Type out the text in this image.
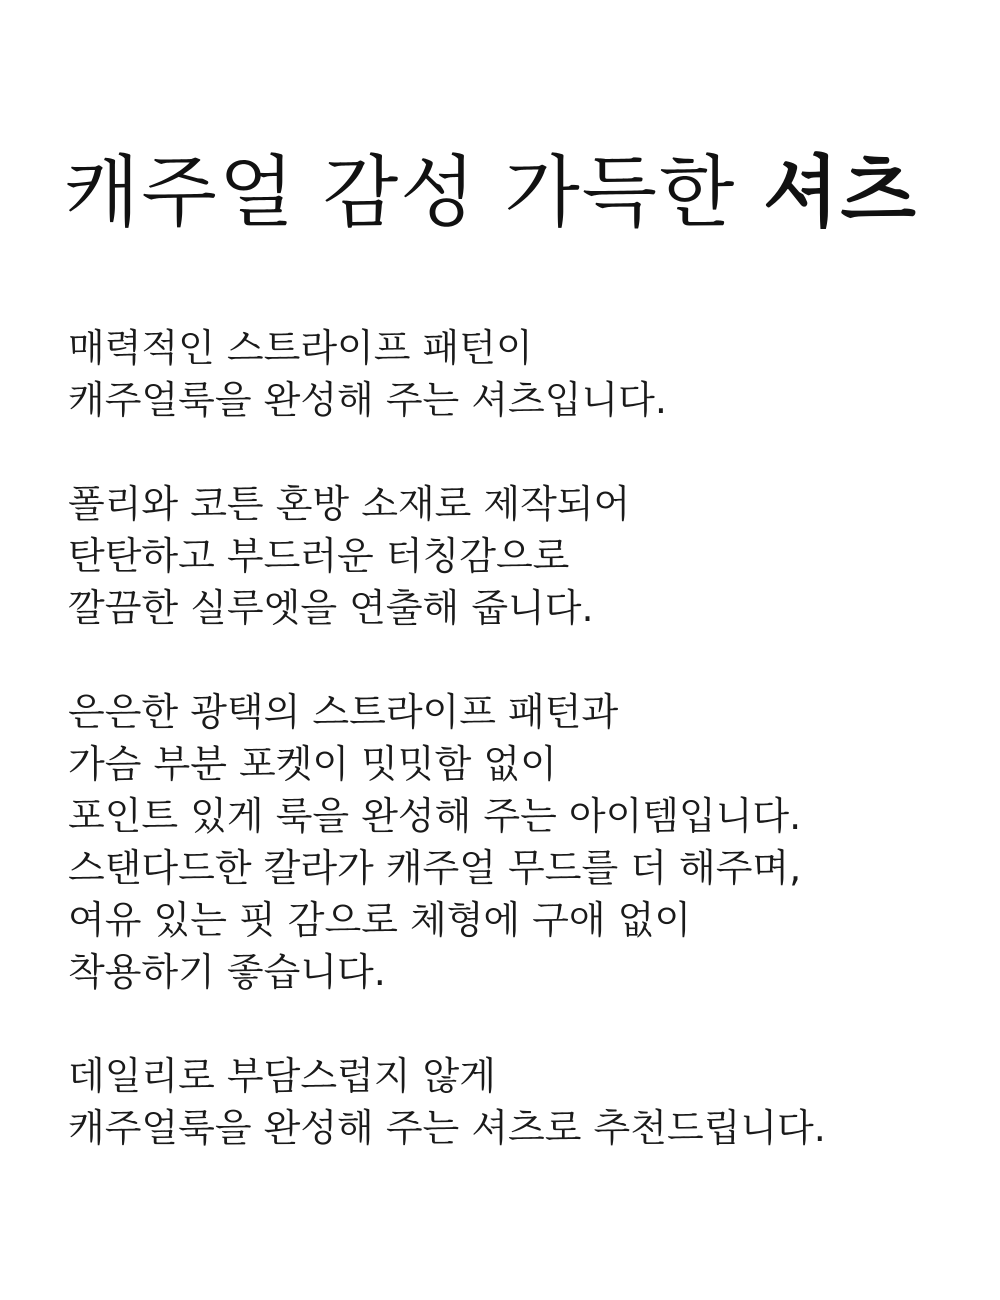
캐주얼 감성 가득한 셔츠

매력적인 스트라이프 패턴이
캐주얼룩을 완성해 주는 셔츠입니다.

폴리와 코튼 혼방 소재로 제작되어
탄탄하고 부드러운 터칭감으로
깔끔한 실루엣을 연출해 줍니다.

은은한 광택의 스트라이프 패턴과
가슴 부분 포켓이 밋밋함 없이
포인트 있게 룩을 완성해 주는 아이템입니다.
스탠다드한 칼라가 캐주얼 무드를 더 해주며,
여유 있는 핏 감으로 체형에 구애 없이
착용하기 좋습니다.

데일리로 부담스럽지 않게
캐주얼룩을 완성해 주는 셔츠로 추천드립니다.
